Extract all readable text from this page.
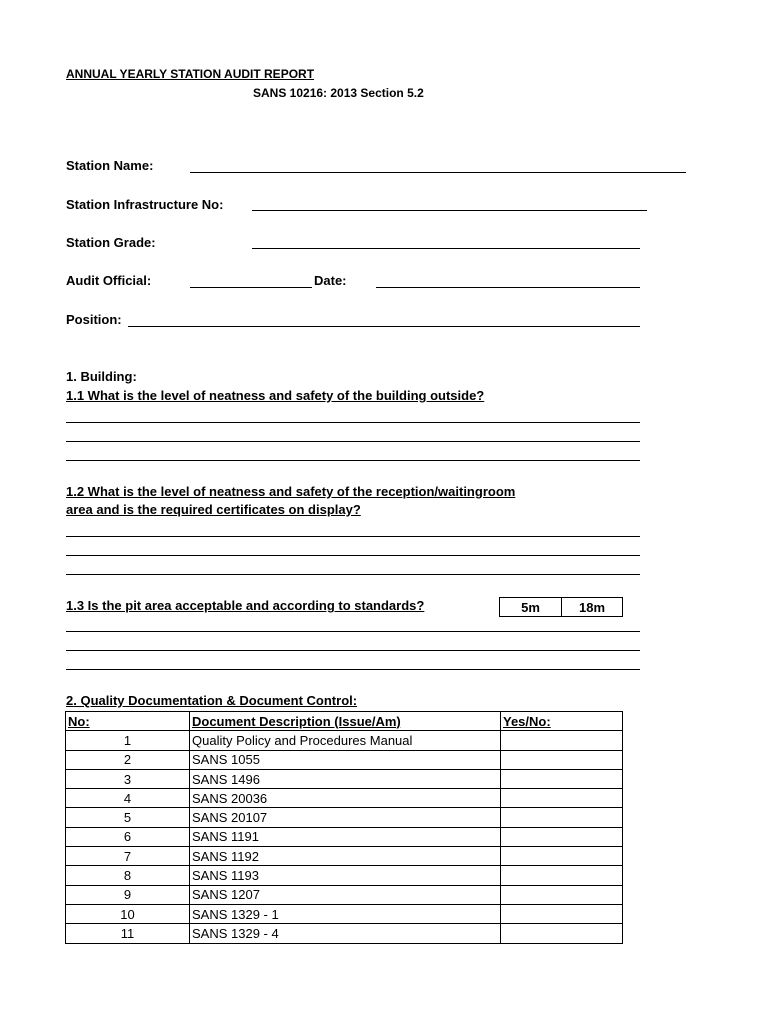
ANNUAL YEARLY STATION AUDIT REPORT
SANS 10216: 2013 Section 5.2
Station Name:
Station Infrastructure No:
Station Grade:
Audit Official:	Date:
Position:
1. Building:
1.1 What is the level of neatness and safety of the building outside?
1.2 What is the level of neatness and safety of the reception/waitingroom
area and is the required certificates on display?
1.3 Is the pit area acceptable and according to standards?	5m	18m
2. Quality Documentation & Document Control:
No:	Document Description (Issue/Am)	Yes/No:
1	Quality Policy and Procedures Manual	
2	SANS 1055	
3	SANS 1496	
4	SANS 20036	
5	SANS 20107	
6	SANS 1191	
7	SANS 1192	
8	SANS 1193	
9	SANS 1207	
10	SANS 1329 - 1	
11	SANS 1329 - 4	
